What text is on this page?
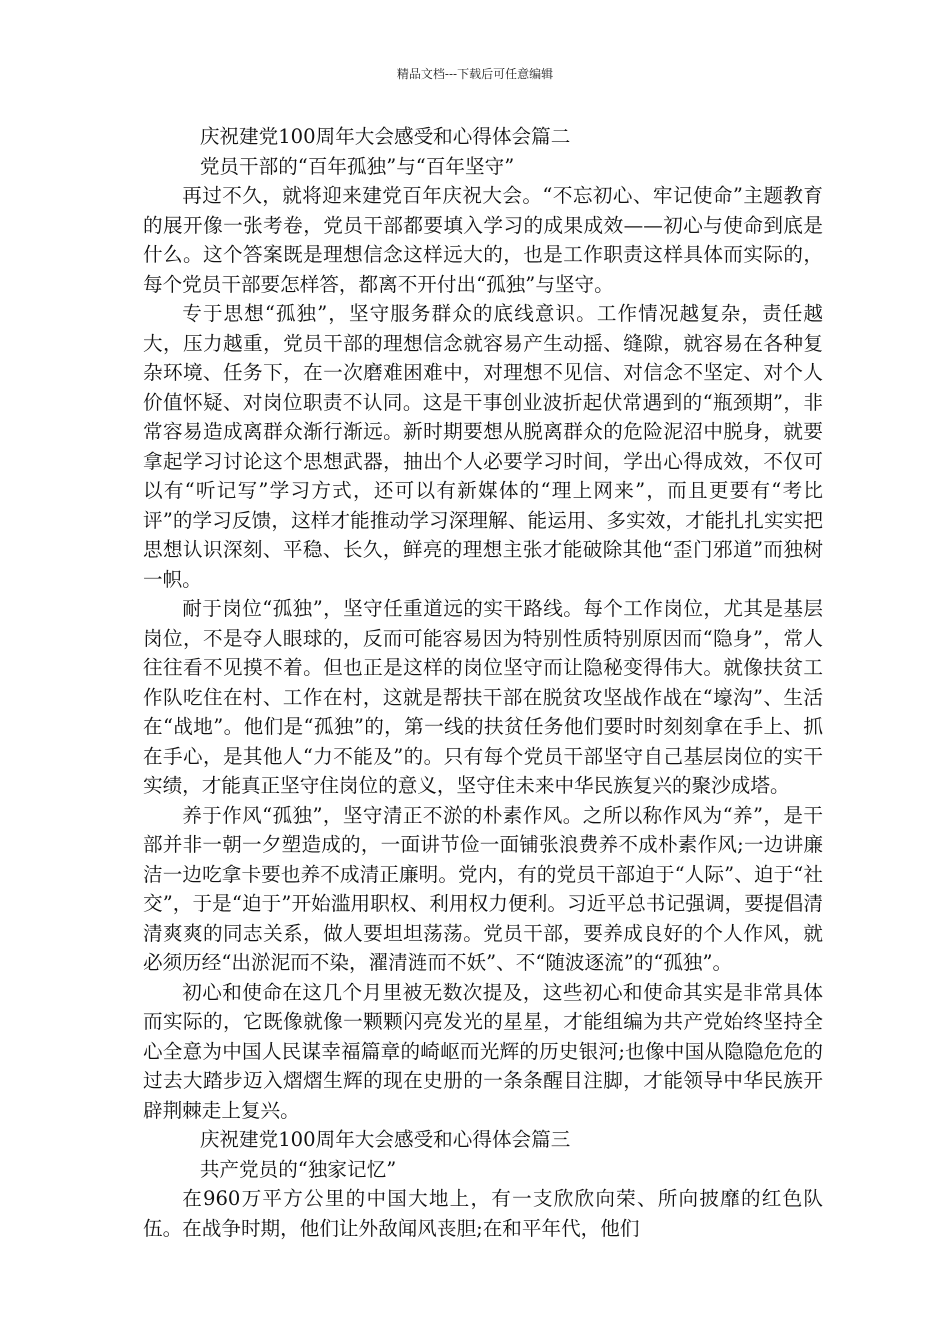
精品文档---下载后可任意编辑

庆祝建党100周年大会感受和心得体会篇二

党员干部的“百年孤独”与“百年坚守”

再过不久，就将迎来建党百年庆祝大会。“不忘初心、牢记使命”主题教育的展开像一张考卷，党员干部都要填入学习的成果成效——初心与使命到底是什么。这个答案既是理想信念这样远大的，也是工作职责这样具体而实际的，每个党员干部要怎样答，都离不开付出“孤独”与坚守。

专于思想“孤独”，坚守服务群众的底线意识。工作情况越复杂，责任越大，压力越重，党员干部的理想信念就容易产生动摇、缝隙，就容易在各种复杂环境、任务下，在一次磨难困难中，对理想不见信、对信念不坚定、对个人价值怀疑、对岗位职责不认同。这是干事创业波折起伏常遇到的“瓶颈期”，非常容易造成离群众渐行渐远。新时期要想从脱离群众的危险泥沼中脱身，就要拿起学习讨论这个思想武器，抽出个人必要学习时间，学出心得成效，不仅可以有“听记写”学习方式，还可以有新媒体的“理上网来”，而且更要有“考比评”的学习反馈，这样才能推动学习深理解、能运用、多实效，才能扎扎实实把思想认识深刻、平稳、长久，鲜亮的理想主张才能破除其他“歪门邪道”而独树一帜。

耐于岗位“孤独”，坚守任重道远的实干路线。每个工作岗位，尤其是基层岗位，不是夺人眼球的，反而可能容易因为特别性质特别原因而“隐身”，常人往往看不见摸不着。但也正是这样的岗位坚守而让隐秘变得伟大。就像扶贫工作队吃住在村、工作在村，这就是帮扶干部在脱贫攻坚战作战在“壕沟”、生活在“战地”。他们是“孤独”的，第一线的扶贫任务他们要时时刻刻拿在手上、抓在手心，是其他人“力不能及”的。只有每个党员干部坚守自己基层岗位的实干实绩，才能真正坚守住岗位的意义，坚守住未来中华民族复兴的聚沙成塔。

养于作风“孤独”，坚守清正不淤的朴素作风。之所以称作风为“养”，是干部并非一朝一夕塑造成的，一面讲节俭一面铺张浪费养不成朴素作风;一边讲廉洁一边吃拿卡要也养不成清正廉明。党内，有的党员干部迫于“人际”、迫于“社交”，于是“迫于”开始滥用职权、利用权力便利。习近平总书记强调，要提倡清清爽爽的同志关系，做人要坦坦荡荡。党员干部，要养成良好的个人作风，就必须历经“出淤泥而不染，濯清涟而不妖”、不“随波逐流”的“孤独”。

初心和使命在这几个月里被无数次提及，这些初心和使命其实是非常具体而实际的，它既像就像一颗颗闪亮发光的星星，才能组编为共产党始终坚持全心全意为中国人民谋幸福篇章的崎岖而光辉的历史银河;也像中国从隐隐危危的过去大踏步迈入熠熠生辉的现在史册的一条条醒目注脚，才能领导中华民族开辟荆棘走上复兴。

庆祝建党100周年大会感受和心得体会篇三

共产党员的“独家记忆”

在960万平方公里的中国大地上，有一支欣欣向荣、所向披靡的红色队伍。在战争时期，他们让外敌闻风丧胆;在和平年代，他们
